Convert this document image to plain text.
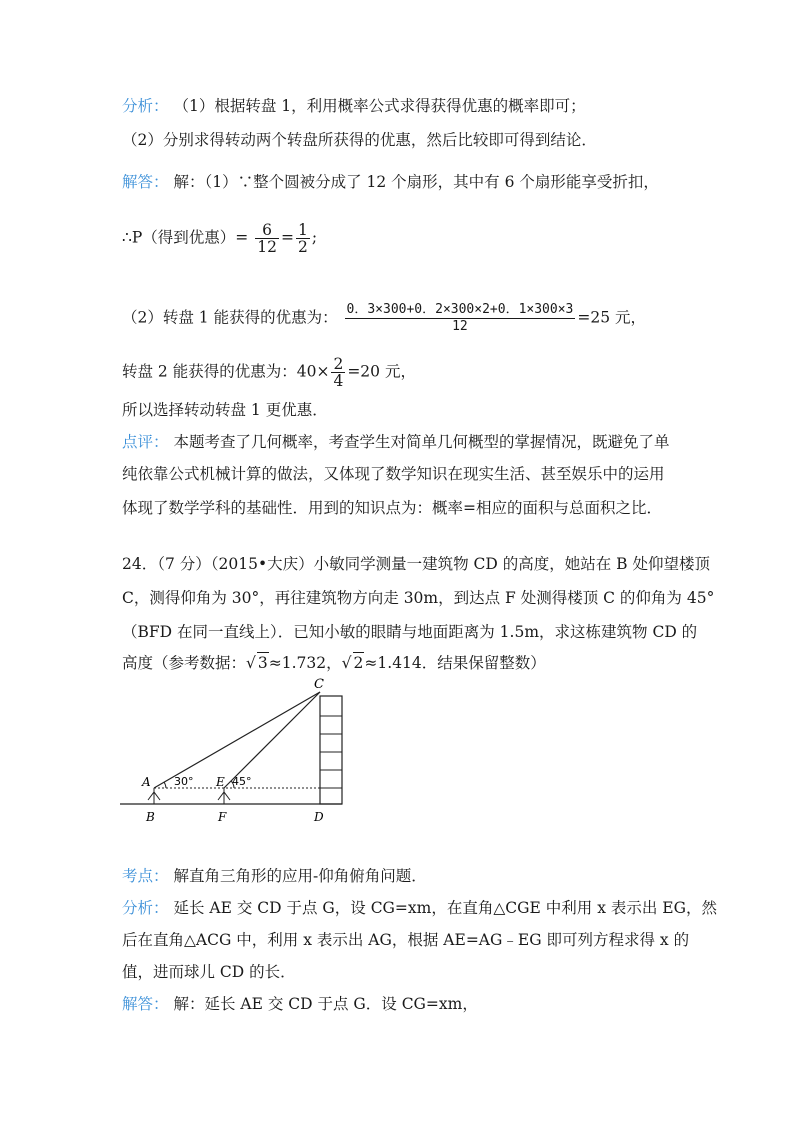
分析： （1）根据转盘 1，利用概率公式求得获得优惠的概率即可；
（2）分别求得转动两个转盘所获得的优惠，然后比较即可得到结论．
解答： 解：（1）∵整个圆被分成了 12 个扇形，其中有 6 个扇形能享受折扣，
∴P（得到优惠）= $\frac{6}{12} = \frac{1}{2}$ ;
（2）转盘 1 能获得的优惠为： $\frac{0.3\times 300+0.2\times 300\times 2+0.1\times 300\times 3}{12} =25$ 元，
转盘 2 能获得的优惠为：$40\times \frac{2}{4} =20$ 元，
所以选择转动转盘 1 更优惠．
点评： 本题考查了几何概率，考查学生对简单几何概型的掌握情况，既避免了单
纯依靠公式机械计算的做法，又体现了数学知识在现实生活、甚至娱乐中的运用
体现了数学学科的基础性．用到的知识点为：概率=相应的面积与总面积之比．
24．（7 分）（2015•大庆）小敏同学测量一建筑物 CD 的高度，她站在 B 处仰望楼顶
C，测得仰角为 30°，再往建筑物方向走 30m，到达点 F 处测得楼顶 C 的仰角为 45°
（BFD 在同一直线上）．已知小敏的眼睛与地面距离为 1.5m，求这栋建筑物 CD 的
高度（参考数据：√ 3≈1.732，√ 2≈1.414．结果保留整数）
C
A	E
B	F	D
30°	45°
考点： 解直角三角形的应用-仰角俯角问题．
分析： 延长 AE 交 CD 于点 G，设 CG=xm，在直角△CGE 中利用 x 表示出 EG，然
后在直角△ACG 中，利用 x 表示出 AG，根据 AE=AG﹣EG 即可列方程求得 x 的
值，进而球儿 CD 的长．
解答： 解：延长 AE 交 CD 于点 G．设 CG=xm，
